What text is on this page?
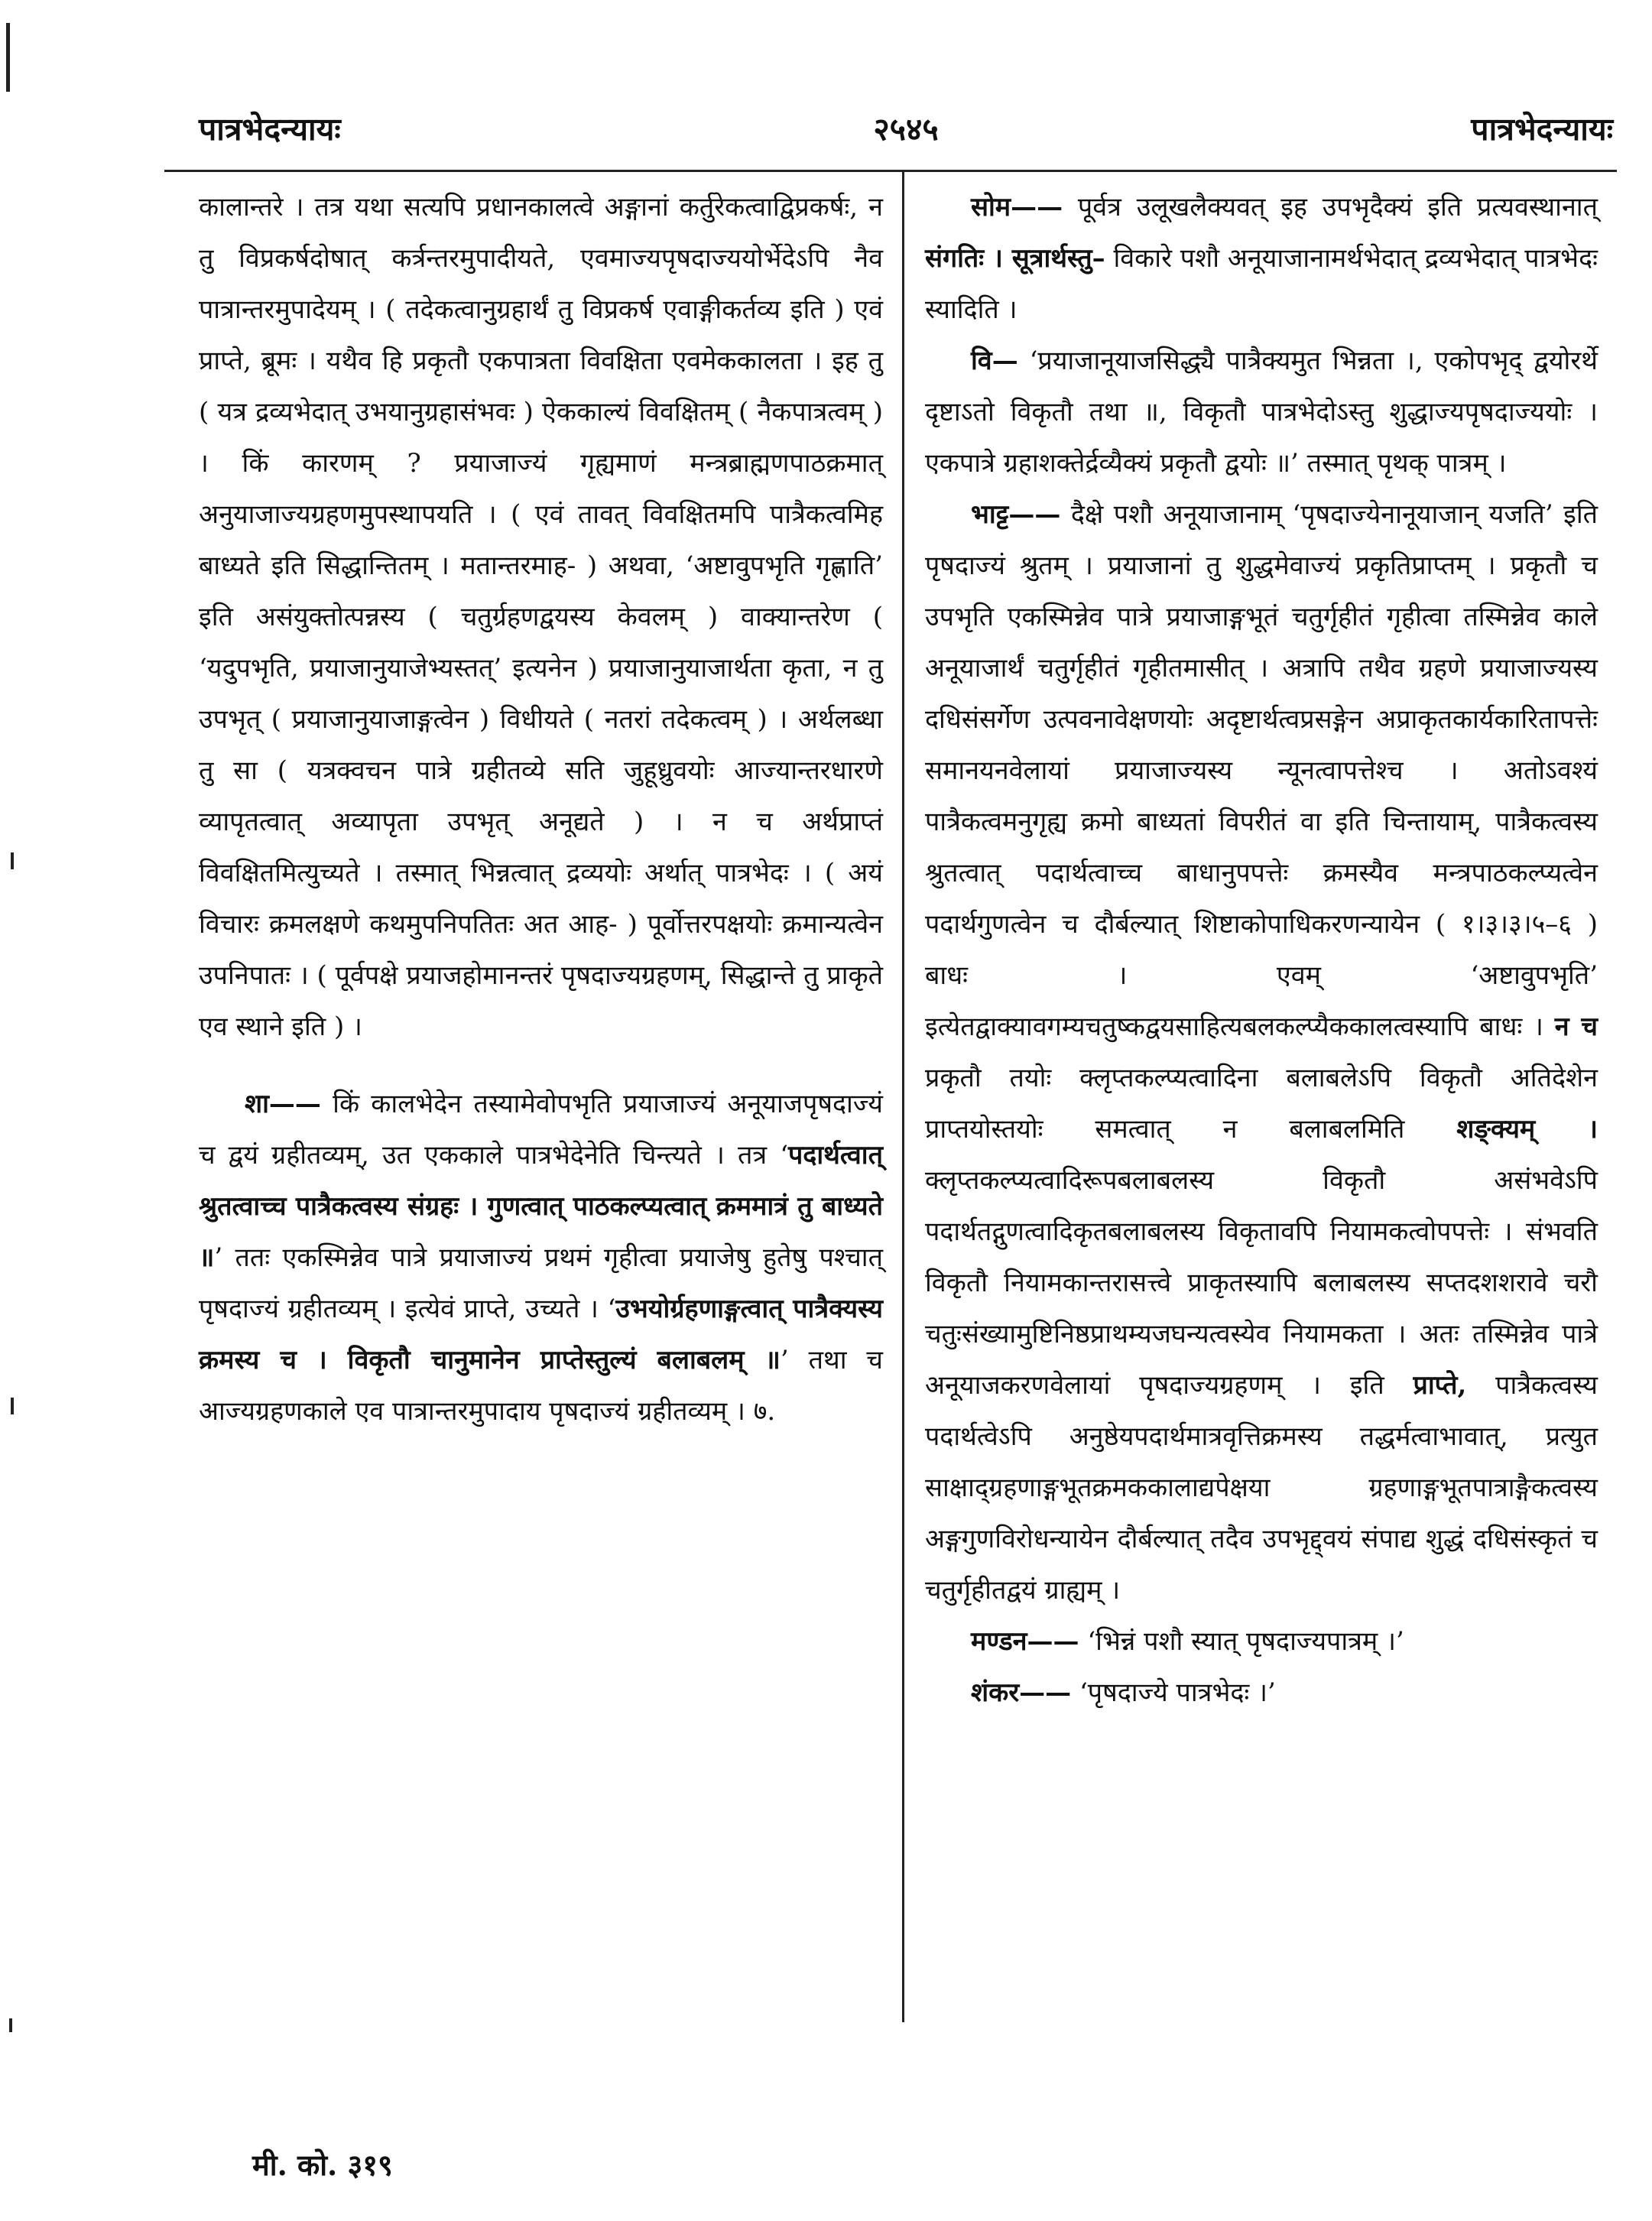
पात्रभेदन्यायः	२५४५	पात्रभेदन्यायः

कालान्तरे । तत्र यथा सत्यपि प्रधानकालत्वे अङ्गानां कर्तुरेकत्वाद्विप्रकर्षः, न तु विप्रकर्षदोषात् कर्त्रन्तरमुपादीयते, एवमाज्यपृषदाज्ययोर्भेदेऽपि नैव पात्रान्तरमुपादेयम् । ( तदेकत्वानुग्रहार्थं तु विप्रकर्ष एवाङ्गीकर्तव्य इति ) एवं प्राप्ते, ब्रूमः । यथैव हि प्रकृतौ एकपात्रता विवक्षिता एवमेककालता । इह तु ( यत्र द्रव्यभेदात् उभयानुग्रहासंभवः ) ऐककाल्यं विवक्षितम् ( नैकपात्रत्वम् ) । किं कारणम् ? प्रयाजाज्यं गृह्यमाणं मन्त्रब्राह्मणपाठक्रमात् अनुयाजाज्यग्रहणमुपस्थापयति । ( एवं तावत् विवक्षितमपि पात्रैकत्वमिह बाध्यते इति सिद्धान्तितम् । मतान्तरमाह- ) अथवा, ‘अष्टावुपभृति गृह्णाति’ इति असंयुक्तोत्पन्नस्य ( चतुर्ग्रहणद्वयस्य केवलम् ) वाक्यान्तरेण ( ‘यदुपभृति, प्रयाजानुयाजेभ्यस्तत्’ इत्यनेन ) प्रयाजानुयाजार्थता कृता, न तु उपभृत् ( प्रयाजानुयाजाङ्गत्वेन ) विधीयते ( नतरां तदेकत्वम् ) । अर्थलब्धा तु सा ( यत्रक्वचन पात्रे ग्रहीतव्ये सति जुहूध्रुवयोः आज्यान्तरधारणे व्यापृतत्वात् अव्यापृता उपभृत् अनूद्यते ) । न च अर्थप्राप्तं विवक्षितमित्युच्यते । तस्मात् भिन्नत्वात् द्रव्ययोः अर्थात् पात्रभेदः । ( अयं विचारः क्रमलक्षणे कथमुपनिपतितः अत आह- ) पूर्वोत्तरपक्षयोः क्रमान्यत्वेन उपनिपातः । ( पूर्वपक्षे प्रयाजहोमानन्तरं पृषदाज्यग्रहणम्, सिद्धान्ते तु प्राकृते एव स्थाने इति ) ।

शा—— किं कालभेदेन तस्यामेवोपभृति प्रयाजाज्यं अनूयाजपृषदाज्यं च द्वयं ग्रहीतव्यम्, उत एककाले पात्रभेदेनेति चिन्त्यते । तत्र ‘पदार्थत्वात् श्रुतत्वाच्च पात्रैकत्वस्य संग्रहः । गुणत्वात् पाठकल्प्यत्वात् क्रममात्रं तु बाध्यते ॥’ ततः एकस्मिन्नेव पात्रे प्रयाजाज्यं प्रथमं गृहीत्वा प्रयाजेषु हुतेषु पश्चात् पृषदाज्यं ग्रहीतव्यम् । इत्येवं प्राप्ते, उच्यते । ‘उभयोर्ग्रहणाङ्गत्वात् पात्रैक्यस्य क्रमस्य च । विकृतौ चानुमानेन प्राप्तेस्तुल्यं बलाबलम् ॥’ तथा च आज्यग्रहणकाले एव पात्रान्तरमुपादाय पृषदाज्यं ग्रहीतव्यम् । ७.

सोम—— पूर्वत्र उलूखलैक्यवत् इह उपभृदैक्यं इति प्रत्यवस्थानात् संगतिः । सूत्रार्थस्तु– विकारे पशौ अनूयाजानामर्थभेदात् द्रव्यभेदात् पात्रभेदः स्यादिति ।

वि— ‘प्रयाजानूयाजसिद्ध्यै पात्रैक्यमुत भिन्नता ।, एकोपभृद् द्वयोरर्थे दृष्टाऽतो विकृतौ तथा ॥, विकृतौ पात्रभेदोऽस्तु शुद्धाज्यपृषदाज्ययोः । एकपात्रे ग्रहाशक्तेर्द्रव्यैक्यं प्रकृतौ द्वयोः ॥’ तस्मात् पृथक् पात्रम् ।

भाट्ट—— दैक्षे पशौ अनूयाजानाम् ‘पृषदाज्येनानूयाजान् यजति’ इति पृषदाज्यं श्रुतम् । प्रयाजानां तु शुद्धमेवाज्यं प्रकृतिप्राप्तम् । प्रकृतौ च उपभृति एकस्मिन्नेव पात्रे प्रयाजाङ्गभूतं चतुर्गृहीतं गृहीत्वा तस्मिन्नेव काले अनूयाजार्थं चतुर्गृहीतं गृहीतमासीत् । अत्रापि तथैव ग्रहणे प्रयाजाज्यस्य दधिसंसर्गेण उत्पवनावेक्षणयोः अदृष्टार्थत्वप्रसङ्गेन अप्राकृतकार्यकारितापत्तेः समानयनवेलायां प्रयाजाज्यस्य न्यूनत्वापत्तेश्च । अतोऽवश्यं पात्रैकत्वमनुगृह्य क्रमो बाध्यतां विपरीतं वा इति चिन्तायाम्, पात्रैकत्वस्य श्रुतत्वात् पदार्थत्वाच्च बाधानुपपत्तेः क्रमस्यैव मन्त्रपाठकल्प्यत्वेन पदार्थगुणत्वेन च दौर्बल्यात् शिष्टाकोपाधिकरणन्यायेन ( १।३।३।५–६ ) बाधः । एवम् ‘अष्टावुपभृति’ इत्येतद्वाक्यावगम्यचतुष्कद्वयसाहित्यबलकल्प्यैककालत्वस्यापि बाधः । न च प्रकृतौ तयोः क्लृप्तकल्प्यत्वादिना बलाबलेऽपि विकृतौ अतिदेशेन प्राप्तयोस्तयोः समत्वात् न बलाबलमिति शङ्क्यम् । क्लृप्तकल्प्यत्वादिरूपबलाबलस्य विकृतौ असंभवेऽपि पदार्थतद्गुणत्वादिकृतबलाबलस्य विकृतावपि नियामकत्वोपपत्तेः । संभवति विकृतौ नियामकान्तरासत्त्वे प्राकृतस्यापि बलाबलस्य सप्तदशशरावे चरौ चतुःसंख्यामुष्टिनिष्ठप्राथम्यजघन्यत्वस्येव नियामकता । अतः तस्मिन्नेव पात्रे अनूयाजकरणवेलायां पृषदाज्यग्रहणम् । इति प्राप्ते, पात्रैकत्वस्य पदार्थत्वेऽपि अनुष्ठेयपदार्थमात्रवृत्तिक्रमस्य तद्धर्मत्वाभावात्, प्रत्युत साक्षाद्ग्रहणाङ्गभूतक्रमककालाद्यपेक्षया ग्रहणाङ्गभूतपात्राङ्गैकत्वस्य अङ्गगुणविरोधन्यायेन दौर्बल्यात् तदैव उपभृद्द्वयं संपाद्य शुद्धं दधिसंस्कृतं च चतुर्गृहीतद्वयं ग्राह्यम् ।

मण्डन—— ‘भिन्नं पशौ स्यात् पृषदाज्यपात्रम् ।’

शंकर—— ‘पृषदाज्ये पात्रभेदः ।’

मी. को. ३१९
